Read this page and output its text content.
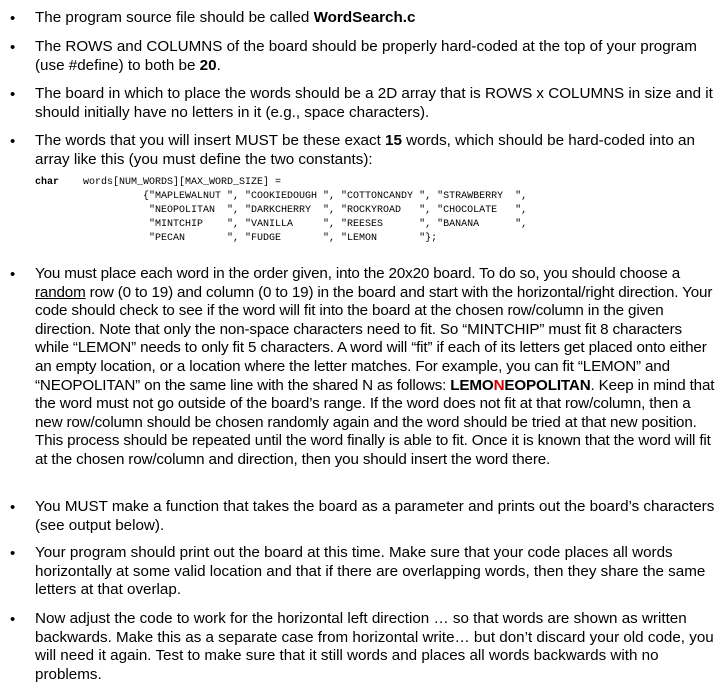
• The program source file should be called WordSearch.c

• The ROWS and COLUMNS of the board should be properly hard-coded at the top of your program (use #define) to both be 20.

• The board in which to place the words should be a 2D array that is ROWS x COLUMNS in size and it should initially have no letters in it (e.g., space characters).

• The words that you will insert MUST be these exact 15 words, which should be hard-coded into an array like this (you must define the two constants):

char    words[NUM_WORDS][MAX_WORD_SIZE] =
{"MAPLEWALNUT ", "COOKIEDOUGH ", "COTTONCANDY ", "STRAWBERRY  ",
"NEOPOLITAN  ", "DARKCHERRY  ", "ROCKYROAD   ", "CHOCOLATE   ",
"MINTCHIP    ", "VANILLA     ", "REESES      ", "BANANA      ",
"PECAN       ", "FUDGE       ", "LEMON       "};
• You must place each word in the order given, into the 20x20 board. To do so, you should choose a random row (0 to 19) and column (0 to 19) in the board and start with the horizontal/right direction. Your code should check to see if the word will fit into the board at the chosen row/column in the given direction. Note that only the non-space characters need to fit. So “MINTCHIP” must fit 8 characters while “LEMON” needs to only fit 5 characters. A word will “fit” if each of its letters get placed onto either an empty location, or a location where the letter matches. For example, you can fit “LEMON” and “NEOPOLITAN” on the same line with the shared N as follows: LEMONEOPOLITAN. Keep in mind that the word must not go outside of the board’s range. If the word does not fit at that row/column, then a new row/column should be chosen randomly again and the word should be tried at that new position. This process should be repeated until the word finally is able to fit. Once it is known that the word will fit at the chosen row/column and direction, then you should insert the word there.

• You MUST make a function that takes the board as a parameter and prints out the board’s characters (see output below).

• Your program should print out the board at this time. Make sure that your code places all words horizontally at some valid location and that if there are overlapping words, then they share the same letters at that overlap.

• Now adjust the code to work for the horizontal left direction … so that words are shown as written backwards. Make this as a separate case from horizontal write… but don’t discard your old code, you will need it again. Test to make sure that it still words and places all words backwards with no problems.
